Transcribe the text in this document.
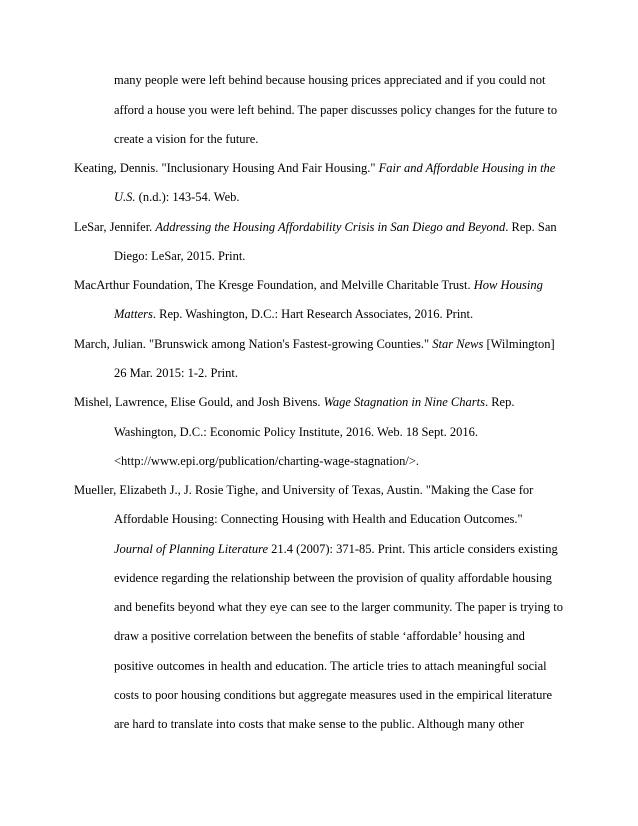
many people were left behind because housing prices appreciated and if you could not
afford a house you were left behind. The paper discusses policy changes for the future to
create a vision for the future.
Keating, Dennis. "Inclusionary Housing And Fair Housing." Fair and Affordable Housing in the
U.S. (n.d.): 143-54. Web.
LeSar, Jennifer. Addressing the Housing Affordability Crisis in San Diego and Beyond. Rep. San
Diego: LeSar, 2015. Print.
MacArthur Foundation, The Kresge Foundation, and Melville Charitable Trust. How Housing
Matters. Rep. Washington, D.C.: Hart Research Associates, 2016. Print.
March, Julian. "Brunswick among Nation's Fastest-growing Counties." Star News [Wilmington]
26 Mar. 2015: 1-2. Print.
Mishel, Lawrence, Elise Gould, and Josh Bivens. Wage Stagnation in Nine Charts. Rep.
Washington, D.C.: Economic Policy Institute, 2016. Web. 18 Sept. 2016.
<http://www.epi.org/publication/charting-wage-stagnation/>.
Mueller, Elizabeth J., J. Rosie Tighe, and University of Texas, Austin. "Making the Case for
Affordable Housing: Connecting Housing with Health and Education Outcomes."
Journal of Planning Literature 21.4 (2007): 371-85. Print. This article considers existing
evidence regarding the relationship between the provision of quality affordable housing
and benefits beyond what they eye can see to the larger community. The paper is trying to
draw a positive correlation between the benefits of stable ‘affordable’ housing and
positive outcomes in health and education. The article tries to attach meaningful social
costs to poor housing conditions but aggregate measures used in the empirical literature
are hard to translate into costs that make sense to the public. Although many other
